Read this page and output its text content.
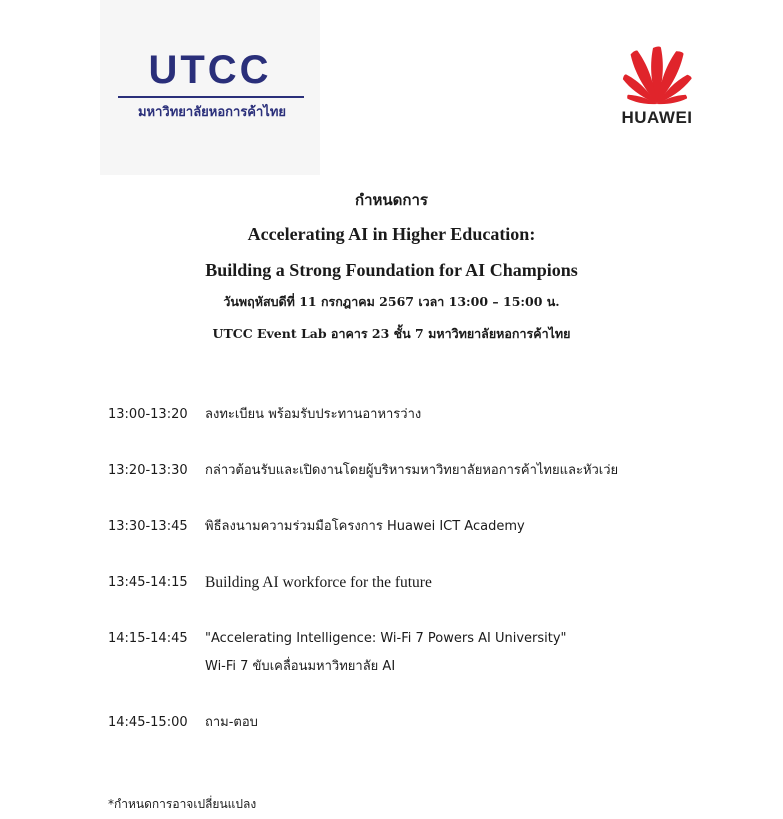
UTCC
มหาวิทยาลัยหอการค้าไทย	HUAWEI
กำหนดการ
Accelerating AI in Higher Education:
Building a Strong Foundation for AI Champions
วันพฤหัสบดีที่ 11 กรกฎาคม 2567 เวลา 13:00 – 15:00 น.
UTCC Event Lab อาคาร 23 ชั้น 7 มหาวิทยาลัยหอการค้าไทย
13:00-13:20	ลงทะเบียน พร้อมรับประทานอาหารว่าง
13:20-13:30	กล่าวต้อนรับและเปิดงานโดยผู้บริหารมหาวิทยาลัยหอการค้าไทยและหัวเว่ย
13:30-13:45	พิธีลงนามความร่วมมือโครงการ Huawei ICT Academy
13:45-14:15	Building AI workforce for the future
14:15-14:45	"Accelerating Intelligence: Wi-Fi 7 Powers AI University"
Wi-Fi 7 ขับเคลื่อนมหาวิทยาลัย AI
14:45-15:00	ถาม-ตอบ
*กำหนดการอาจเปลี่ยนแปลง
